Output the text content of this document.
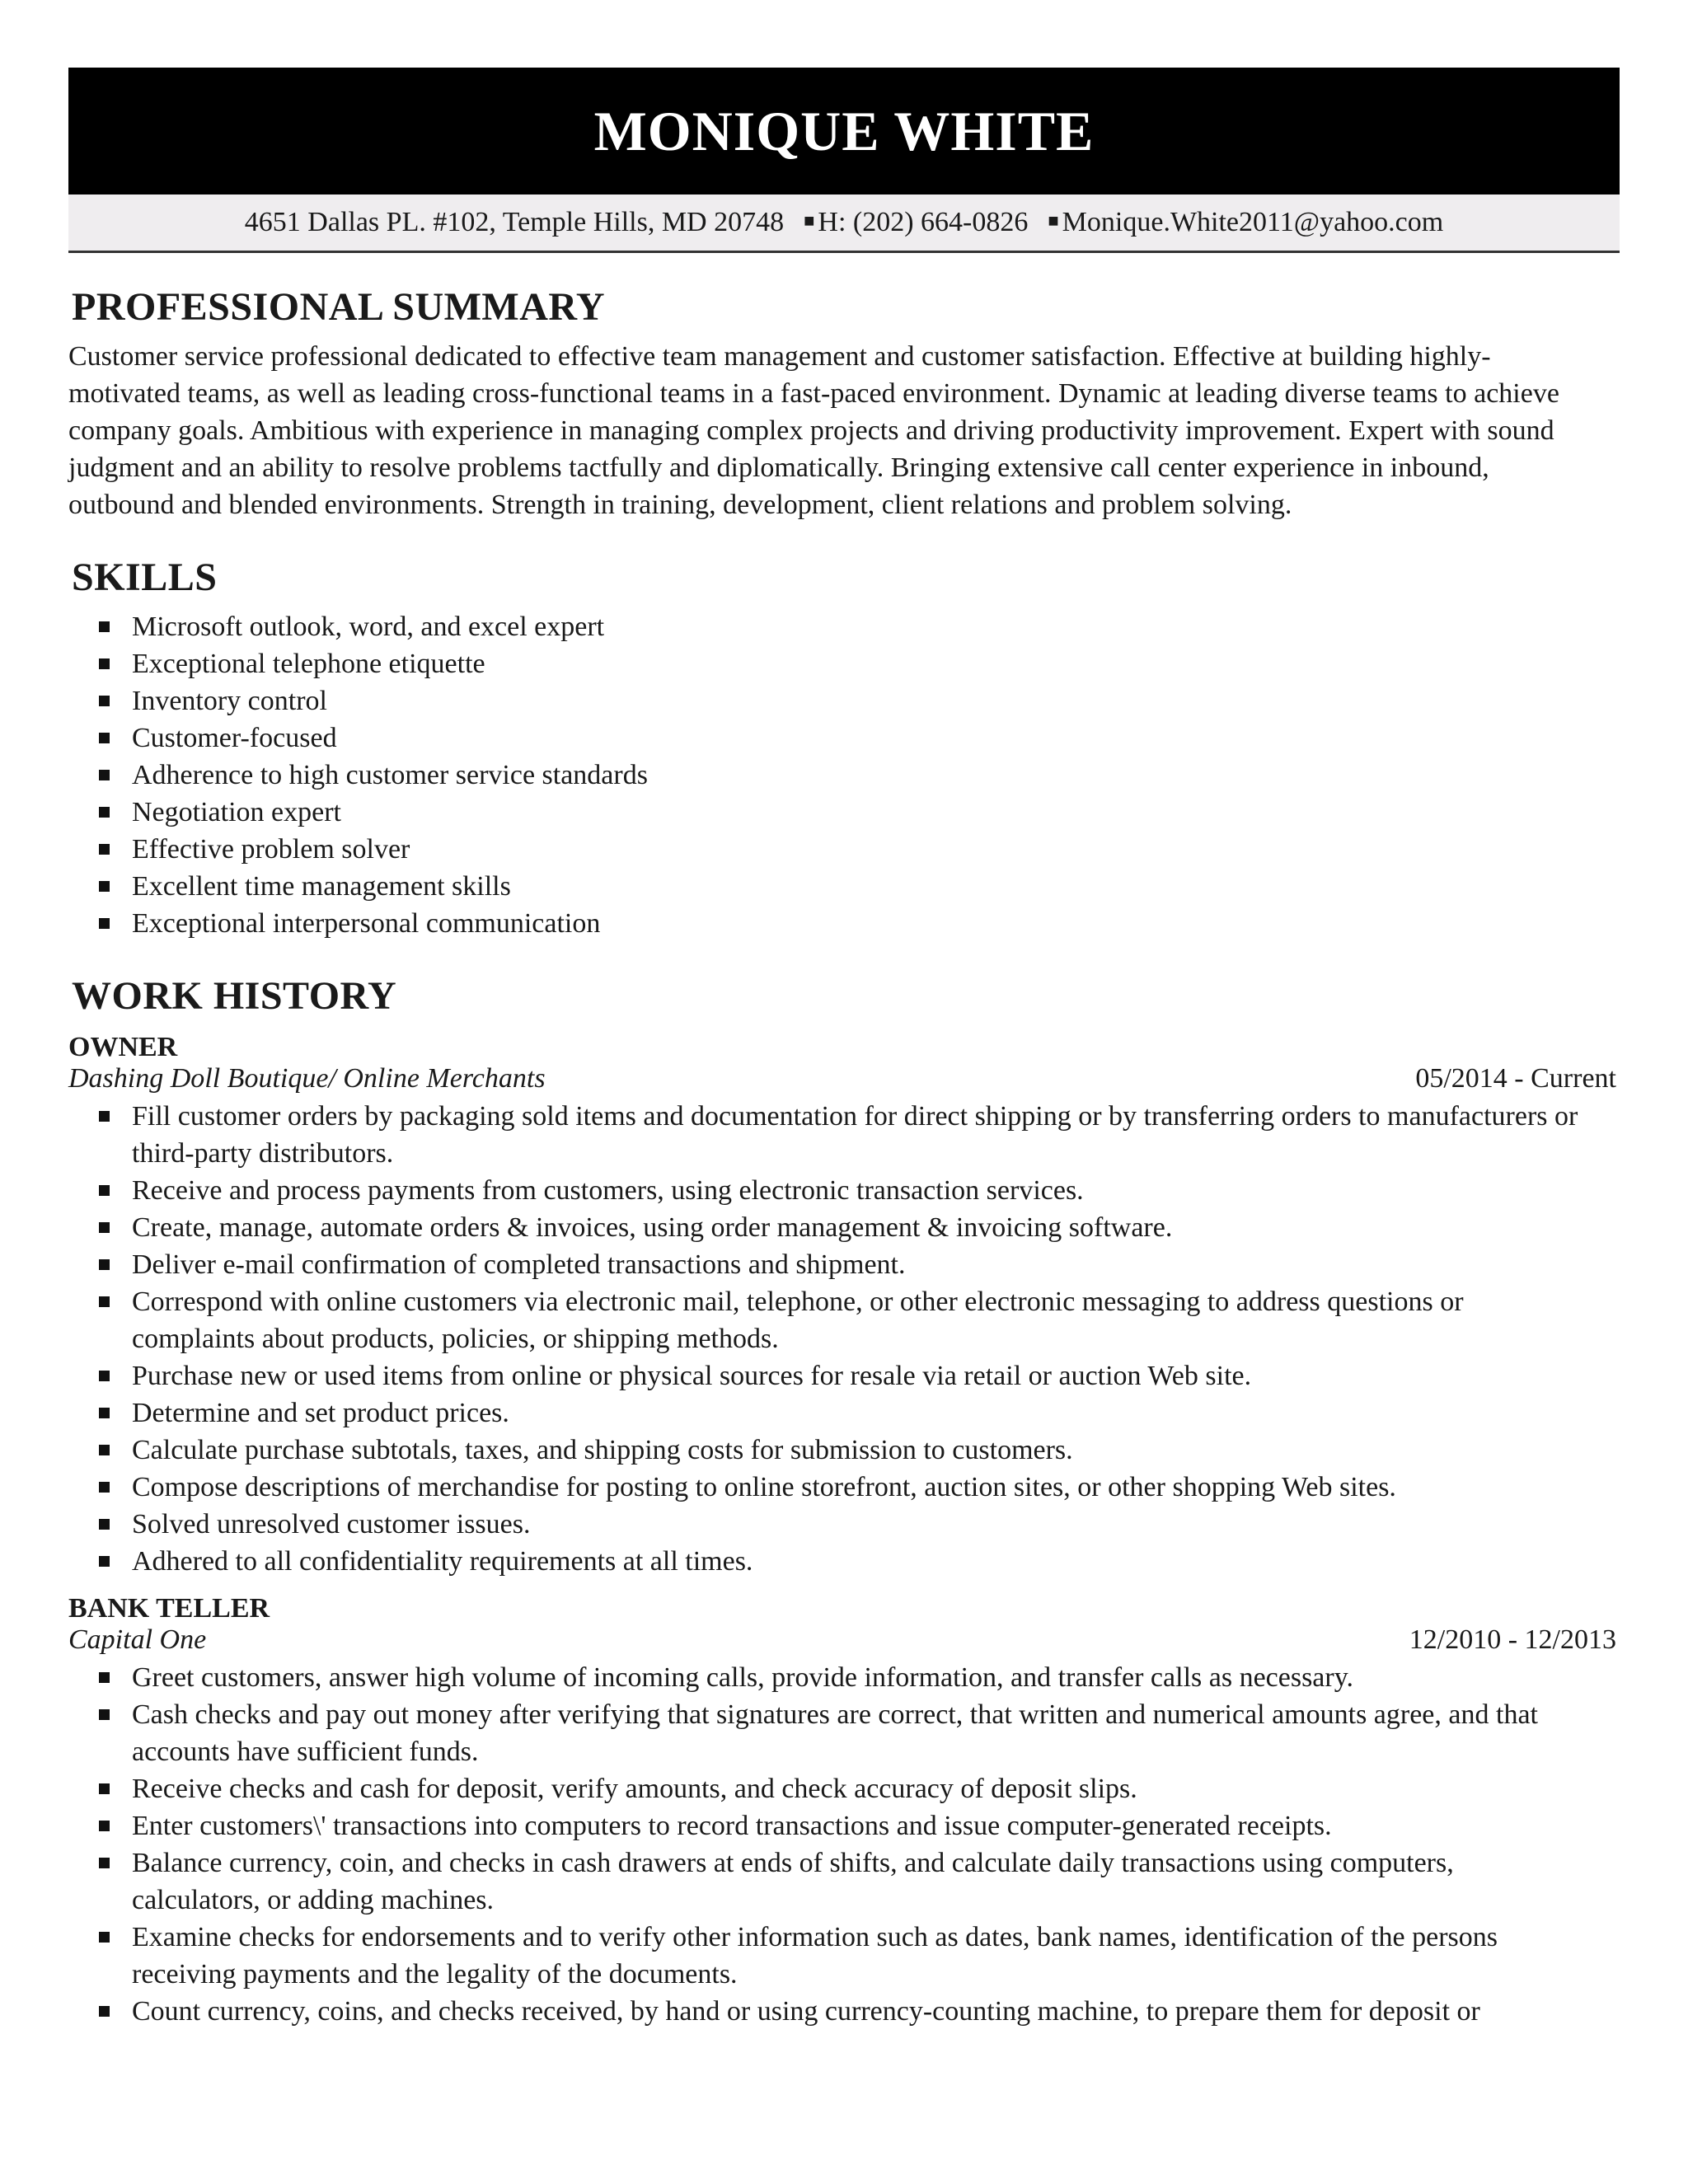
MONIQUE WHITE
4651 Dallas PL. #102, Temple Hills, MD 20748 ■ H: (202) 664-0826 ■ Monique.White2011@yahoo.com
PROFESSIONAL SUMMARY

Customer service professional dedicated to effective team management and customer satisfaction. Effective at building highly-motivated teams, as well as leading cross-functional teams in a fast-paced environment. Dynamic at leading diverse teams to achieve company goals. Ambitious with experience in managing complex projects and driving productivity improvement. Expert with sound judgment and an ability to resolve problems tactfully and diplomatically. Bringing extensive call center experience in inbound, outbound and blended environments. Strength in training, development, client relations and problem solving.

SKILLS
Microsoft outlook, word, and excel expert
Exceptional telephone etiquette
Inventory control
Customer-focused
Adherence to high customer service standards
Negotiation expert
Effective problem solver
Excellent time management skills
Exceptional interpersonal communication
WORK HISTORY
OWNER
Dashing Doll Boutique/ Online Merchants	05/2014 - Current
Fill customer orders by packaging sold items and documentation for direct shipping or by transferring orders to manufacturers or third-party distributors.
Receive and process payments from customers, using electronic transaction services.
Create, manage, automate orders & invoices, using order management & invoicing software.
Deliver e-mail confirmation of completed transactions and shipment.
Correspond with online customers via electronic mail, telephone, or other electronic messaging to address questions or complaints about products, policies, or shipping methods.
Purchase new or used items from online or physical sources for resale via retail or auction Web site.
Determine and set product prices.
Calculate purchase subtotals, taxes, and shipping costs for submission to customers.
Compose descriptions of merchandise for posting to online storefront, auction sites, or other shopping Web sites.
Solved unresolved customer issues.
Adhered to all confidentiality requirements at all times.
BANK TELLER
Capital One	12/2010 - 12/2013
Greet customers, answer high volume of incoming calls, provide information, and transfer calls as necessary.
Cash checks and pay out money after verifying that signatures are correct, that written and numerical amounts agree, and that accounts have sufficient funds.
Receive checks and cash for deposit, verify amounts, and check accuracy of deposit slips.
Enter customers\' transactions into computers to record transactions and issue computer-generated receipts.
Balance currency, coin, and checks in cash drawers at ends of shifts, and calculate daily transactions using computers, calculators, or adding machines.
Examine checks for endorsements and to verify other information such as dates, bank names, identification of the persons receiving payments and the legality of the documents.
Count currency, coins, and checks received, by hand or using currency-counting machine, to prepare them for deposit or
